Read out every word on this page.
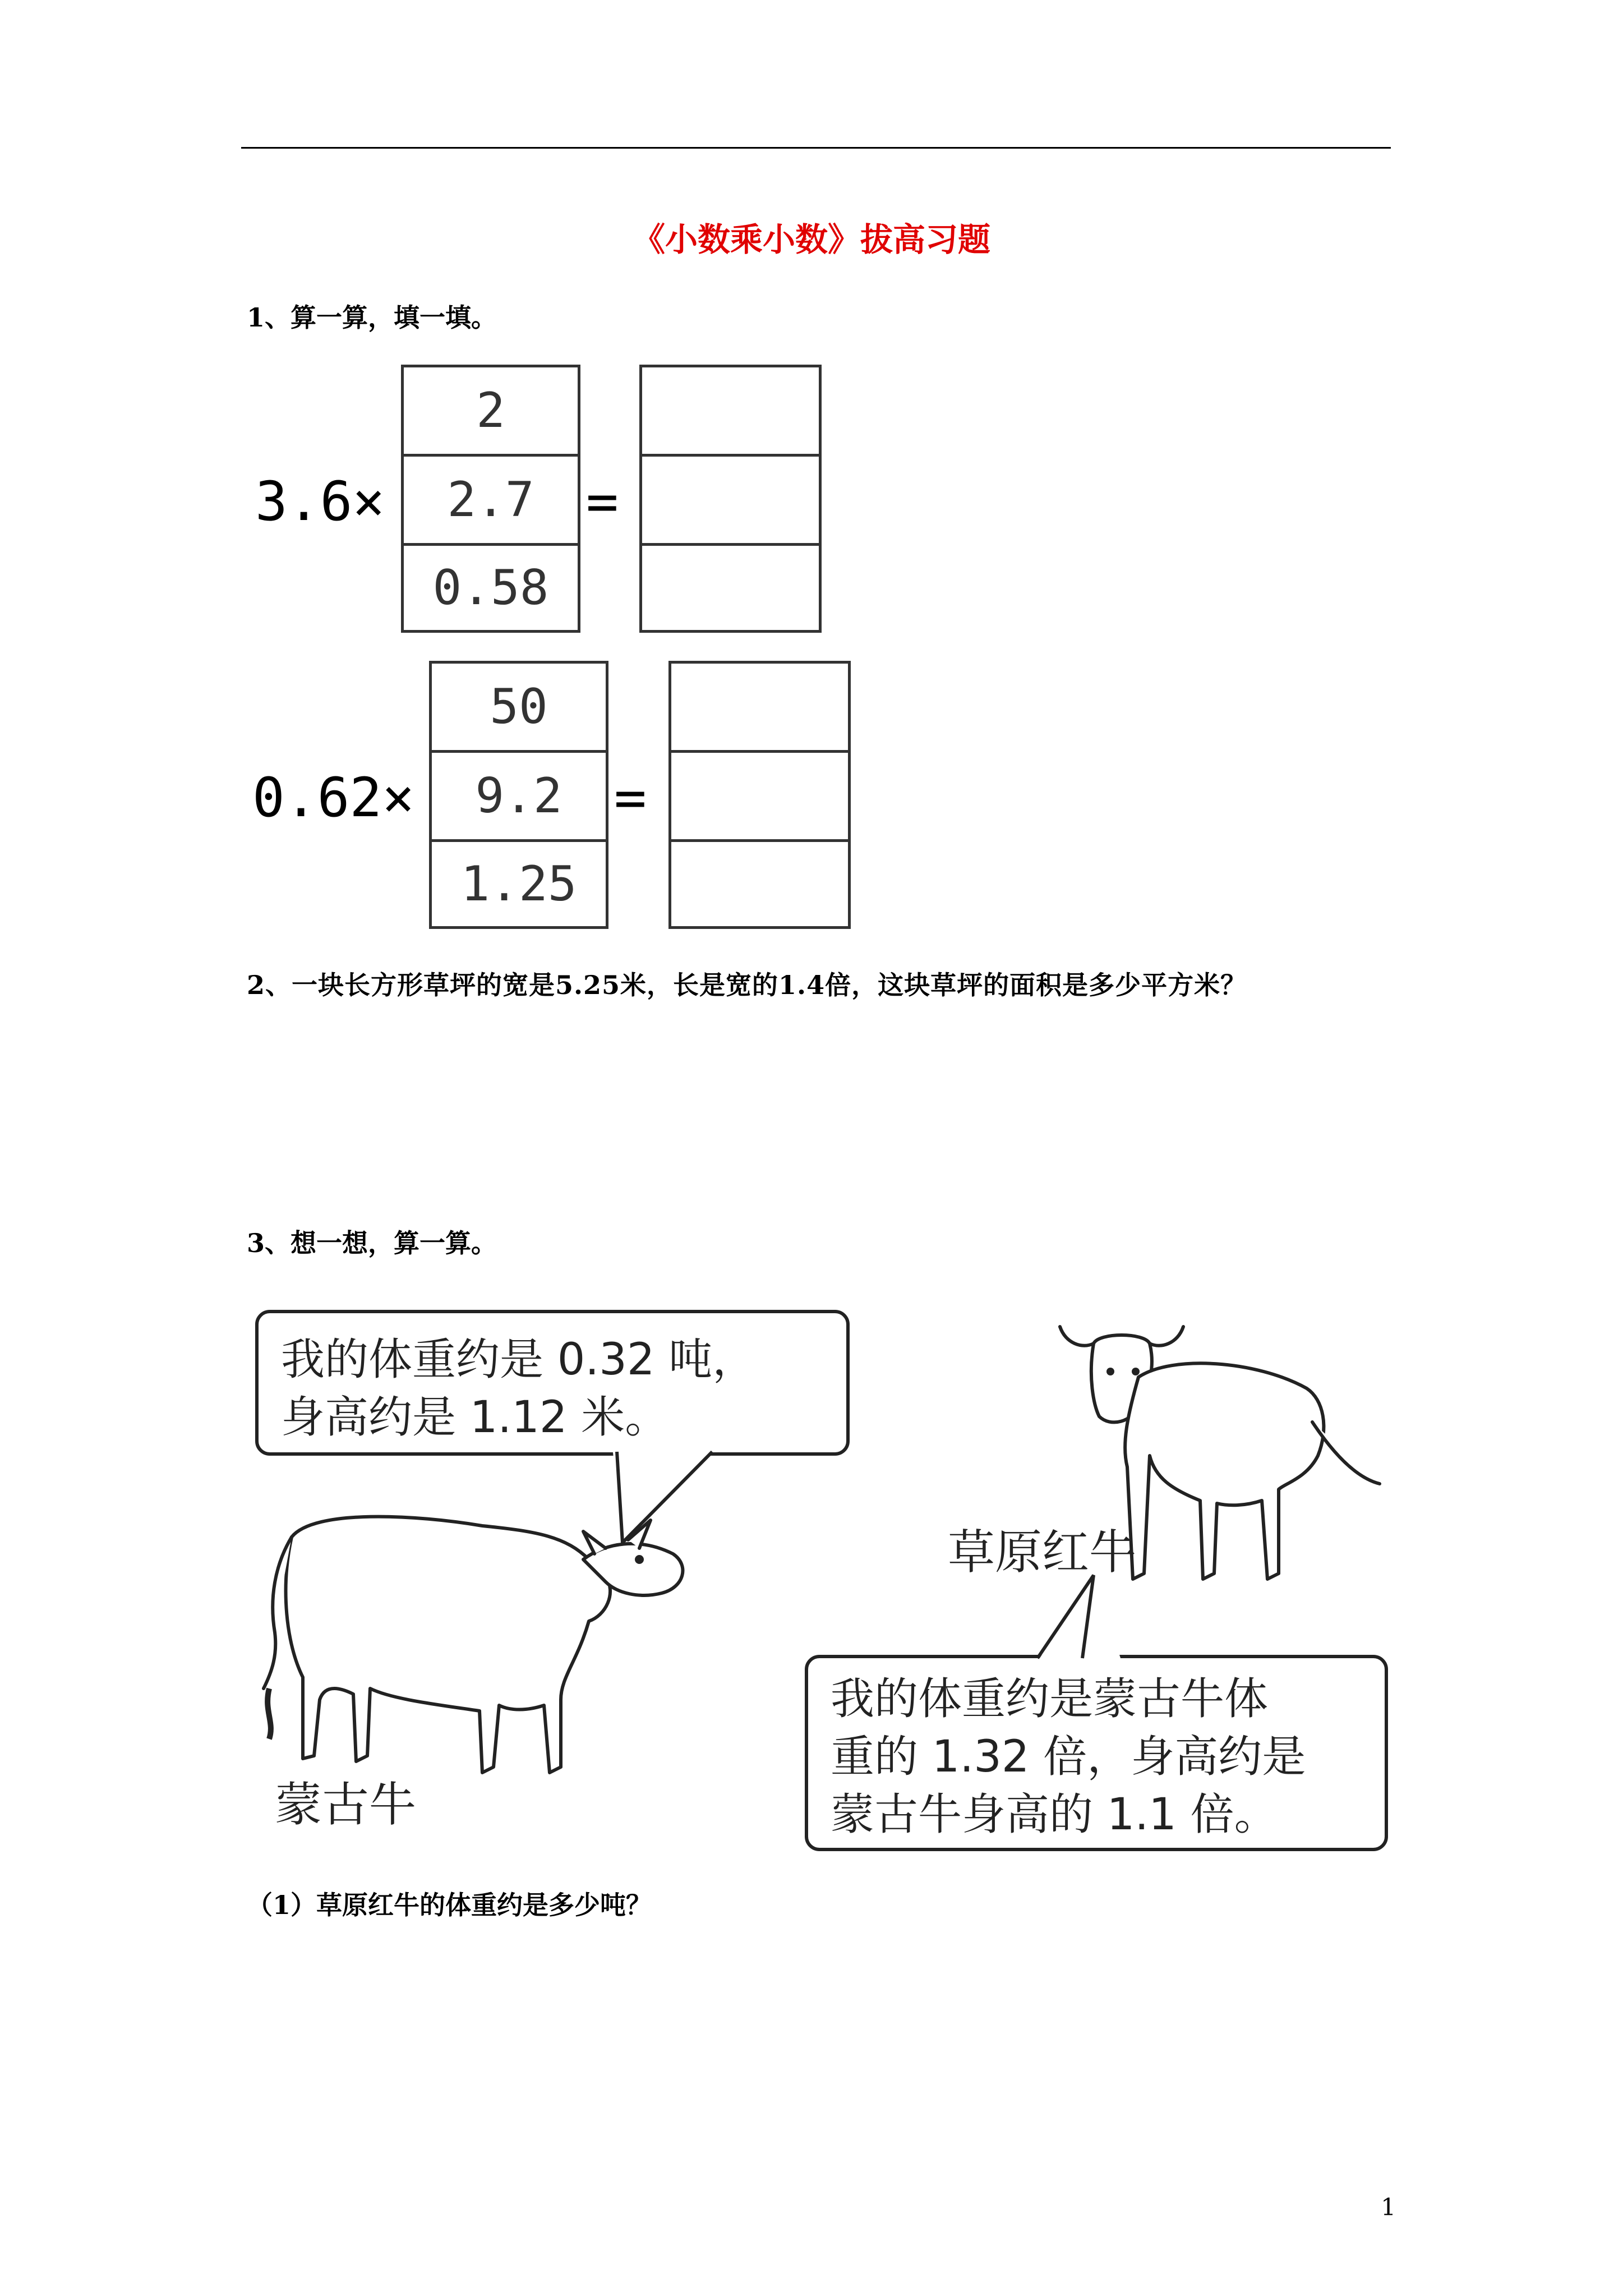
《小数乘小数》拔高习题
1、算一算，填一填。
3.6×
2
2.7
0.58
=
0.62×
50
9.2
1.25
=
2、一块长方形草坪的宽是5.25米，长是宽的1.4倍，这块草坪的面积是多少平方米？
3、想一想，算一算。
我的体重约是 0.32 吨，
身高约是 1.12 米。
我的体重约是蒙古牛体
重的 1.32 倍，身高约是
蒙古牛身高的 1.1 倍。
草原红牛
蒙古牛
（1）草原红牛的体重约是多少吨？
1
